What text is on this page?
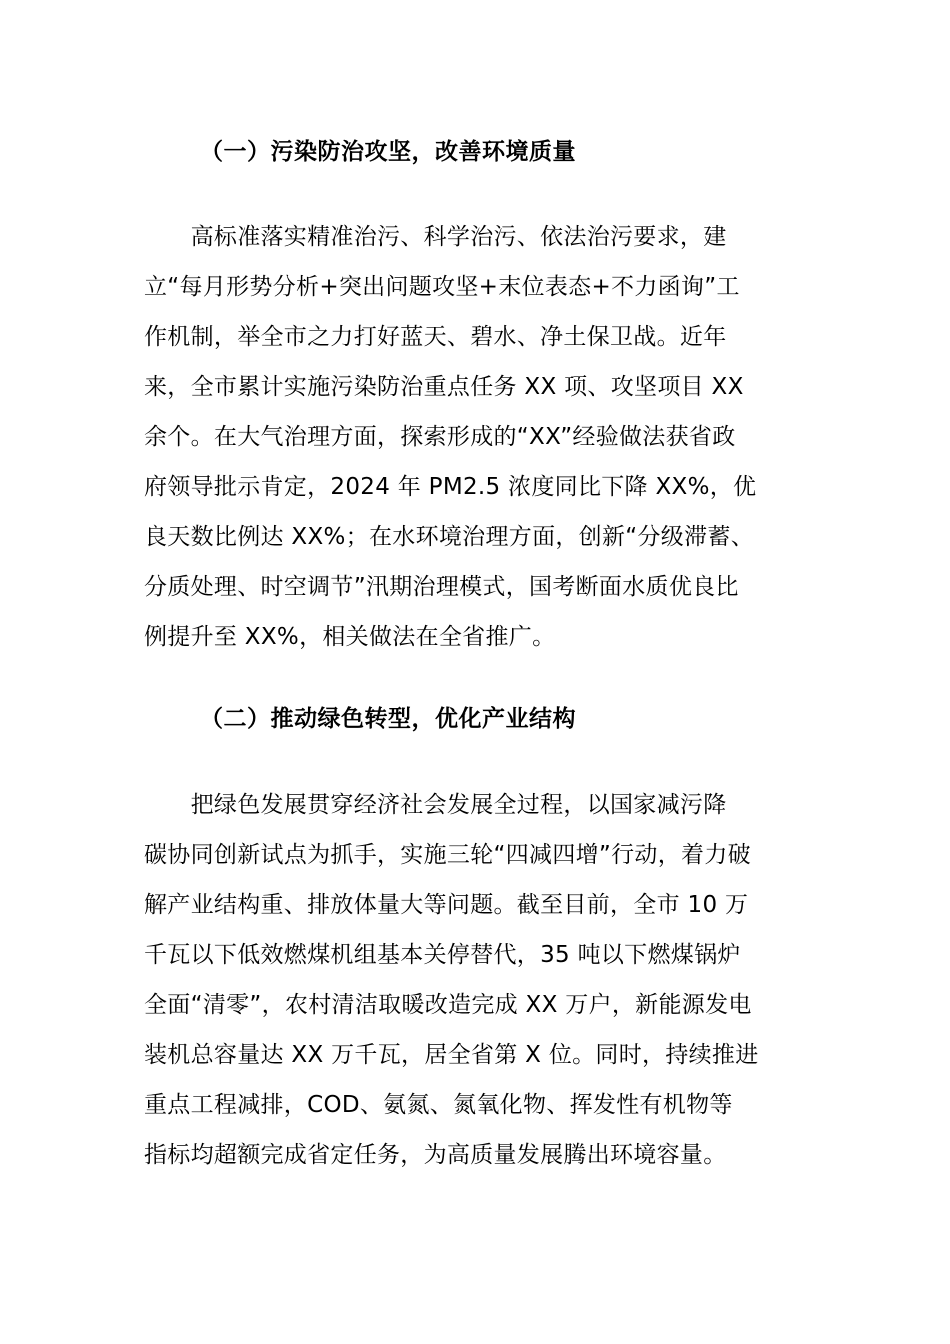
（一）污染防治攻坚，改善环境质量
　　高标准落实精准治污、科学治污、依法治污要求，建
立“每月形势分析+突出问题攻坚+末位表态+不力函询”工
作机制，举全市之力打好蓝天、碧水、净土保卫战。近年
来，全市累计实施污染防治重点任务 XX 项、攻坚项目 XX
余个。在大气治理方面，探索形成的“XX”经验做法获省政
府领导批示肯定，2024 年 PM2.5 浓度同比下降 XX%，优
良天数比例达 XX%；在水环境治理方面，创新“分级滞蓄、
分质处理、时空调节”汛期治理模式，国考断面水质优良比
例提升至 XX%，相关做法在全省推广。
（二）推动绿色转型，优化产业结构
　　把绿色发展贯穿经济社会发展全过程，以国家减污降
碳协同创新试点为抓手，实施三轮“四减四增”行动，着力破
解产业结构重、排放体量大等问题。截至目前，全市 10 万
千瓦以下低效燃煤机组基本关停替代，35 吨以下燃煤锅炉
全面“清零”，农村清洁取暖改造完成 XX 万户，新能源发电
装机总容量达 XX 万千瓦，居全省第 X 位。同时，持续推进
重点工程减排，COD、氨氮、氮氧化物、挥发性有机物等
指标均超额完成省定任务，为高质量发展腾出环境容量。
